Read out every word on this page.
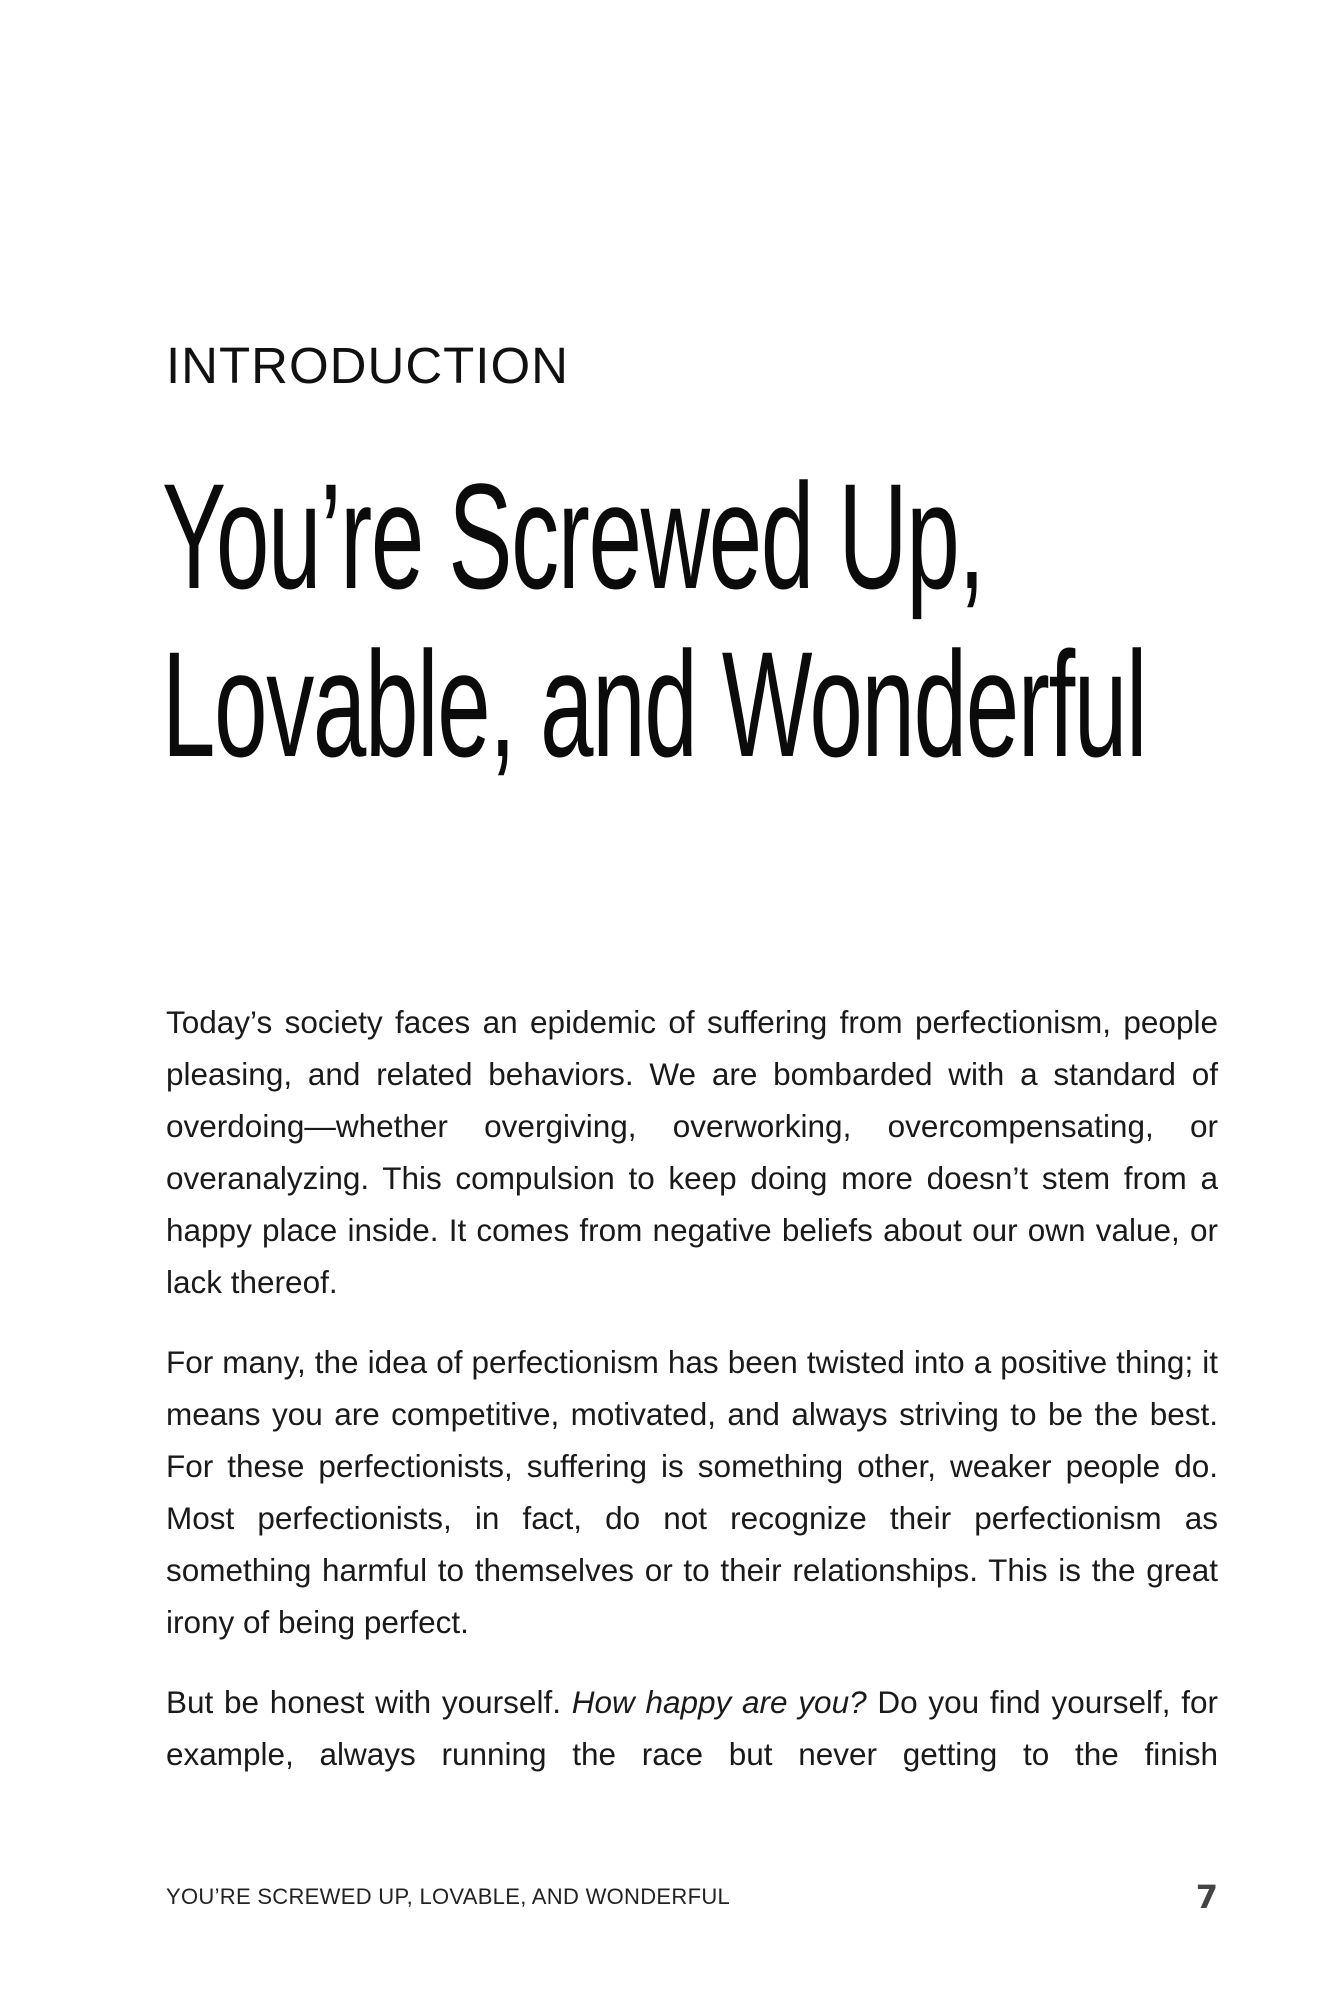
INTRODUCTION
You’re Screwed Up,
Lovable, and Wonderful

Today’s society faces an epidemic of suffering from perfectionism, people pleasing, and related behaviors. We are bombarded with a standard of overdoing—whether overgiving, overworking, overcompensating, or overanalyzing. This compulsion to keep doing more doesn’t stem from a happy place inside. It comes from negative beliefs about our own value, or lack thereof.

For many, the idea of perfectionism has been twisted into a positive thing; it means you are competitive, motivated, and always striving to be the best. For these perfectionists, suffering is something other, weaker people do. Most perfectionists, in fact, do not recognize their perfectionism as something harmful to themselves or to their relationships. This is the great irony of being perfect.

But be honest with yourself. How happy are you? Do you find yourself, for example, always running the race but never getting to the finish

YOU’RE SCREWED UP, LOVABLE, AND WONDERFUL	7
